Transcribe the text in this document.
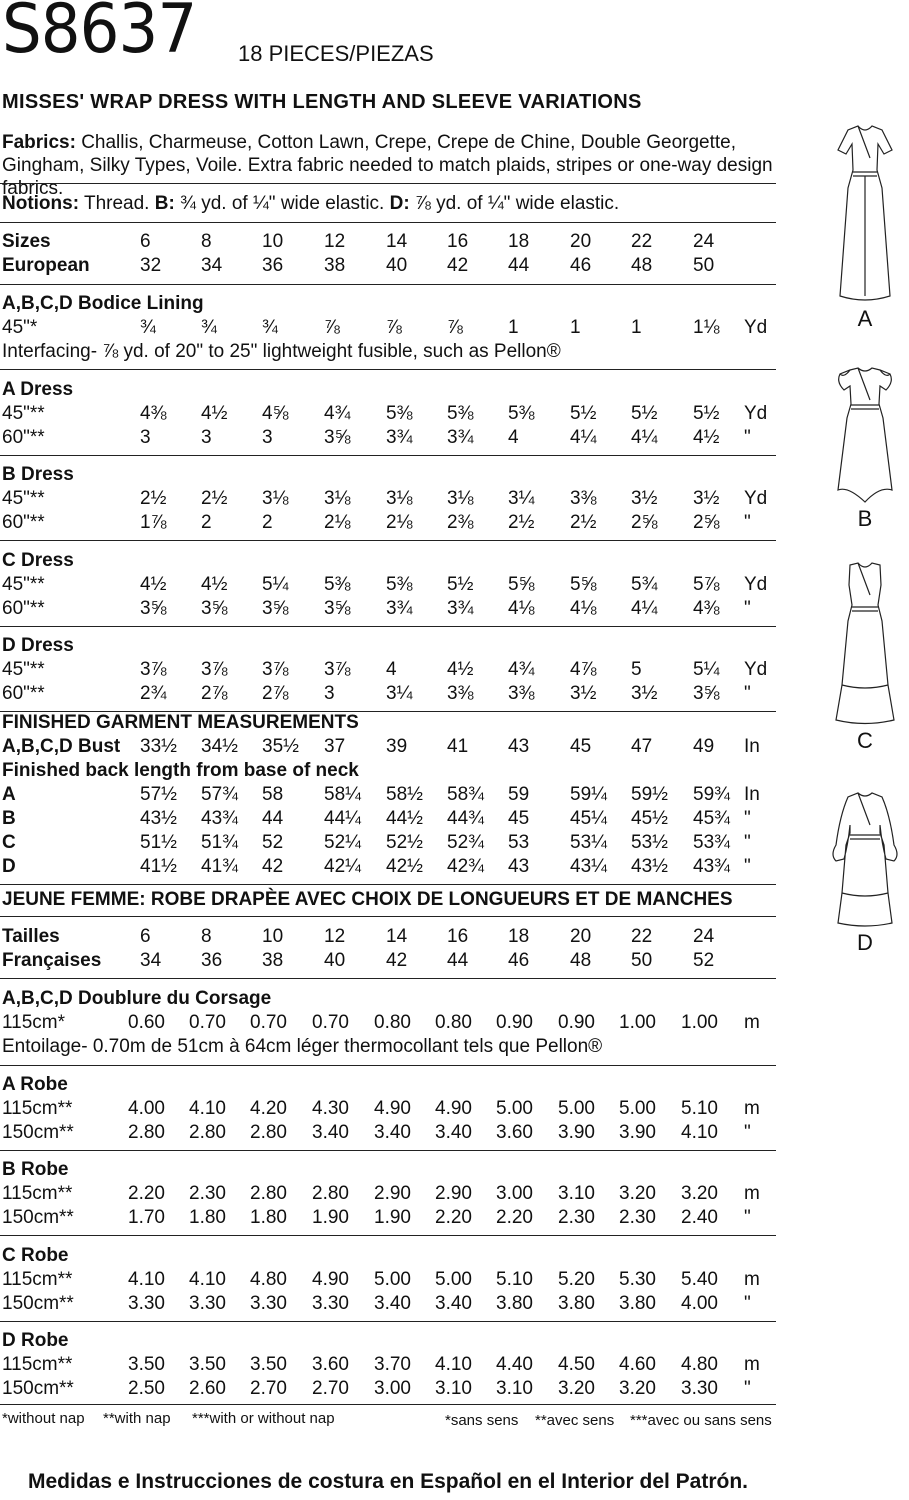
S8637 18 PIECES/PIEZAS
MISSES' WRAP DRESS WITH LENGTH AND SLEEVE VARIATIONS
Fabrics: Challis, Charmeuse, Cotton Lawn, Crepe, Crepe de Chine, Double Georgette, Gingham, Silky Types, Voile. Extra fabric needed to match plaids, stripes or one-way design fabrics.
Notions: Thread. B: ¾ yd. of ¼" wide elastic. D: ⅞ yd. of ¼" wide elastic.
Sizes	6	8	10 12 14 16 18 20 22 24
European	32 34 36 38 40 42 44 46 48 50
A,B,C,D Bodice Lining
45"*	¾ ¾ ¾ ⅞ ⅞ ⅞ 1	1	1	1⅛ Yd
Interfacing- ⅞ yd. of 20" to 25" lightweight fusible, such as Pellon®
A Dress
45"**	4⅜ 4½ 4⅝ 4¾ 5⅜ 5⅜ 5⅜ 5½ 5½ 5½ Yd
60"**	3	3	3	3⅝ 3¾ 3¾ 4	4¼ 4¼ 4½ "
B Dress
45"**	2½ 2½ 3⅛ 3⅛ 3⅛ 3⅛ 3¼ 3⅜ 3½ 3½ Yd
60"**	1⅞ 2	2	2⅛ 2⅛ 2⅜ 2½ 2½ 2⅝ 2⅝ "
C Dress
45"**	4½ 4½ 5¼ 5⅜ 5⅜ 5½ 5⅝ 5⅝ 5¾ 5⅞ Yd
60"**	3⅝ 3⅝ 3⅝ 3⅝ 3¾ 3¾ 4⅛ 4⅛ 4¼ 4⅜ "
D Dress
45"**	3⅞ 3⅞ 3⅞ 3⅞ 4	4½ 4¾ 4⅞ 5	5¼ Yd
60"**	2¾ 2⅞ 2⅞ 3	3¼ 3⅜ 3⅜ 3½ 3½ 3⅝ "
FINISHED GARMENT MEASUREMENTS
A,B,C,D Bust 33½ 34½ 35½ 37 39 41 43 45 47 49 In
Finished back length from base of neck
A	57½ 57¾ 58 58¼ 58½ 58¾ 59 59¼ 59½ 59¾ In
B	43½ 43¾ 44 44¼ 44½ 44¾ 45 45¼ 45½ 45¾ "
C	51½ 51¾ 52 52¼ 52½ 52¾ 53 53¼ 53½ 53¾ "
D	41½ 41¾ 42 42¼ 42½ 42¾ 43 43¼ 43½ 43¾ "
JEUNE FEMME: ROBE DRAPÈE AVEC CHOIX DE LONGUEURS ET DE MANCHES
Tailles	6	8	10 12 14 16 18 20 22 24
Françaises 34 36 38 40 42 44 46 48 50 52
A,B,C,D Doublure du Corsage
115cm*	0.60 0.70 0.70 0.70 0.80 0.80 0.90 0.90 1.00 1.00 m
Entoilage- 0.70m de 51cm à 64cm léger thermocollant tels que Pellon®
A Robe
115cm**	4.00 4.10 4.20 4.30 4.90 4.90 5.00 5.00 5.00 5.10 m
150cm**	2.80 2.80 2.80 3.40 3.40 3.40 3.60 3.90 3.90 4.10 "
B Robe
115cm**	2.20 2.30 2.80 2.80 2.90 2.90 3.00 3.10 3.20 3.20 m
150cm**	1.70 1.80 1.80 1.90 1.90 2.20 2.20 2.30 2.30 2.40 "
C Robe
115cm**	4.10 4.10 4.80 4.90 5.00 5.00 5.10 5.20 5.30 5.40 m
150cm**	3.30 3.30 3.30 3.30 3.40 3.40 3.80 3.80 3.80 4.00 "
D Robe
115cm**	3.50 3.50 3.50 3.60 3.70 4.10 4.40 4.50 4.60 4.80 m
150cm**	2.50 2.60 2.70 2.70 3.00 3.10 3.10 3.20 3.20 3.30 "
*without nap **with nap ***with or without nap	*sans sens **avec sens ***avec ou sans sens
Medidas e Instrucciones de costura en Español en el Interior del Patrón.
A
B
C
D
